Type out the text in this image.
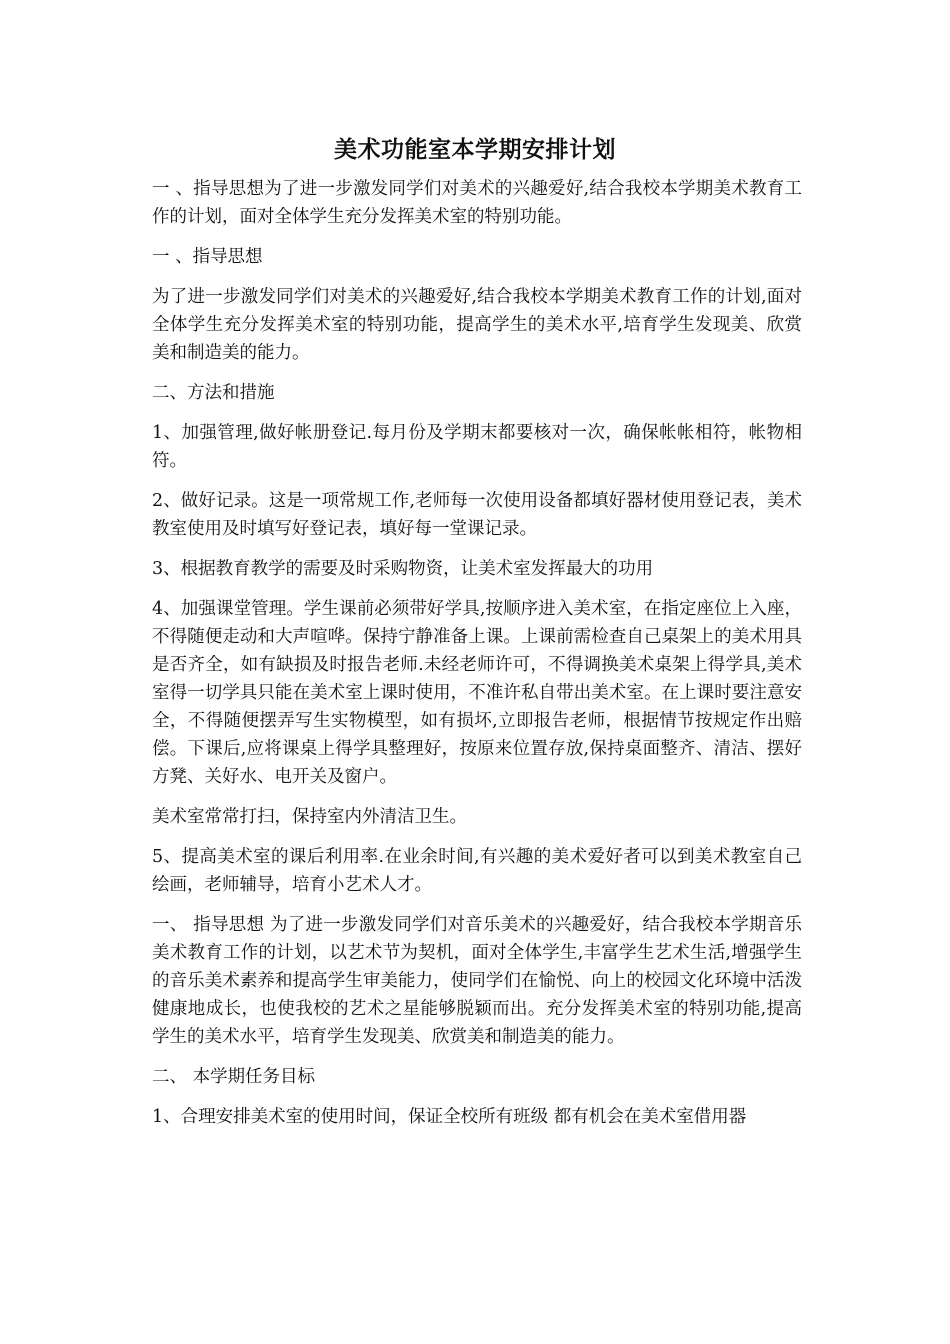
美术功能室本学期安排计划

一 、指导思想为了进一步激发同学们对美术的兴趣爱好,结合我校本学期美术教育工作的计划，面对全体学生充分发挥美术室的特别功能。

一 、指导思想

为了进一步激发同学们对美术的兴趣爱好,结合我校本学期美术教育工作的计划,面对全体学生充分发挥美术室的特别功能，提高学生的美术水平,培育学生发现美、欣赏美和制造美的能力。

二、方法和措施

1、加强管理,做好帐册登记.每月份及学期末都要核对一次，确保帐帐相符，帐物相符。

2、做好记录。这是一项常规工作,老师每一次使用设备都填好器材使用登记表，美术教室使用及时填写好登记表，填好每一堂课记录。

3、根据教育教学的需要及时采购物资，让美术室发挥最大的功用

4、加强课堂管理。学生课前必须带好学具,按顺序进入美术室，在指定座位上入座，不得随便走动和大声喧哗。保持宁静准备上课。上课前需检查自己桌架上的美术用具是否齐全，如有缺损及时报告老师.未经老师许可，不得调换美术桌架上得学具,美术室得一切学具只能在美术室上课时使用，不准许私自带出美术室。在上课时要注意安全，不得随便摆弄写生实物模型，如有损坏,立即报告老师，根据情节按规定作出赔偿。下课后,应将课桌上得学具整理好，按原来位置存放,保持桌面整齐、清洁、摆好方凳、关好水、电开关及窗户。

美术室常常打扫，保持室内外清洁卫生。

5、提高美术室的课后利用率.在业余时间,有兴趣的美术爱好者可以到美术教室自己绘画，老师辅导，培育小艺术人才。

一、 指导思想 为了进一步激发同学们对音乐美术的兴趣爱好，结合我校本学期音乐美术教育工作的计划，以艺术节为契机，面对全体学生,丰富学生艺术生活,增强学生的音乐美术素养和提高学生审美能力，使同学们在愉悦、向上的校园文化环境中活泼健康地成长，也使我校的艺术之星能够脱颖而出。充分发挥美术室的特别功能,提高学生的美术水平，培育学生发现美、欣赏美和制造美的能力。

二、 本学期任务目标

1、合理安排美术室的使用时间，保证全校所有班级 都有机会在美术室借用器
